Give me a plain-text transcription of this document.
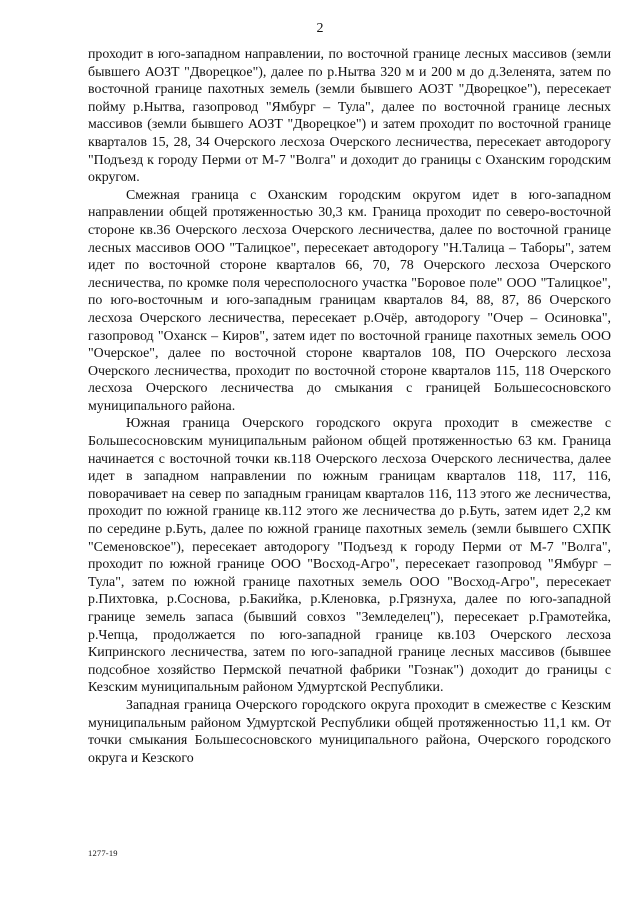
2

проходит в юго-западном направлении, по восточной границе лесных массивов (земли бывшего АОЗТ "Дворецкое"), далее по р.Нытва 320 м и 200 м до д.Зеленята, затем по восточной границе пахотных земель (земли бывшего АОЗТ "Дворецкое"), пересекает пойму р.Нытва, газопровод "Ямбург – Тула", далее по восточной границе лесных массивов (земли бывшего АОЗТ "Дворецкое") и затем проходит по восточной границе кварталов 15, 28, 34 Очерского лесхоза Очерского лесничества, пересекает автодорогу "Подъезд к городу Перми от М-7 "Волга" и доходит до границы с Оханским городским округом.

Смежная граница с Оханским городским округом идет в юго-западном направлении общей протяженностью 30,3 км. Граница проходит по северо-восточной стороне кв.36 Очерского лесхоза Очерского лесничества, далее по восточной границе лесных массивов ООО "Талицкое", пересекает автодорогу "Н.Талица – Таборы", затем идет по восточной стороне кварталов 66, 70, 78 Очерского лесхоза Очерского лесничества, по кромке поля чересполосного участка "Боровое поле" ООО "Талицкое", по юго-восточным и юго-западным границам кварталов 84, 88, 87, 86 Очерского лесхоза Очерского лесничества, пересекает р.Очёр, автодорогу "Очер – Осиновка", газопровод "Оханск – Киров", затем идет по восточной границе пахотных земель ООО "Очерское", далее по восточной стороне кварталов 108, ПО Очерского лесхоза Очерского лесничества, проходит по восточной стороне кварталов 115, 118 Очерского лесхоза Очерского лесничества до смыкания с границей Большесосновского муниципального района.

Южная граница Очерского городского округа проходит в смежестве с Большесосновским муниципальным районом общей протяженностью 63 км. Граница начинается с восточной точки кв.118 Очерского лесхоза Очерского лесничества, далее идет в западном направлении по южным границам кварталов 118, 117, 116, поворачивает на север по западным границам кварталов 116, 113 этого же лесничества, проходит по южной границе кв.112 этого же лесничества до р.Буть, затем идет 2,2 км по середине р.Буть, далее по южной границе пахотных земель (земли бывшего СХПК "Семеновское"), пересекает автодорогу "Подъезд к городу Перми от М-7 "Волга", проходит по южной границе ООО "Восход-Агро", пересекает газопровод "Ямбург – Тула", затем по южной границе пахотных земель ООО "Восход-Агро", пересекает р.Пихтовка, р.Соснова, р.Бакийка, р.Кленовка, р.Грязнуха, далее по юго-западной границе земель запаса (бывший совхоз "Земледелец"), пересекает р.Грамотейка, р.Чепца, продолжается по юго-западной границе кв.103 Очерского лесхоза Кипринского лесничества, затем по юго-западной границе лесных массивов (бывшее подсобное хозяйство Пермской печатной фабрики "Гознак") доходит до границы с Кезским муниципальным районом Удмуртской Республики.

Западная граница Очерского городского округа проходит в смежестве с Кезским муниципальным районом Удмуртской Республики общей протяженностью 11,1 км. От точки смыкания Большесосновского муниципального района, Очерского городского округа и Кезского

1277-19
